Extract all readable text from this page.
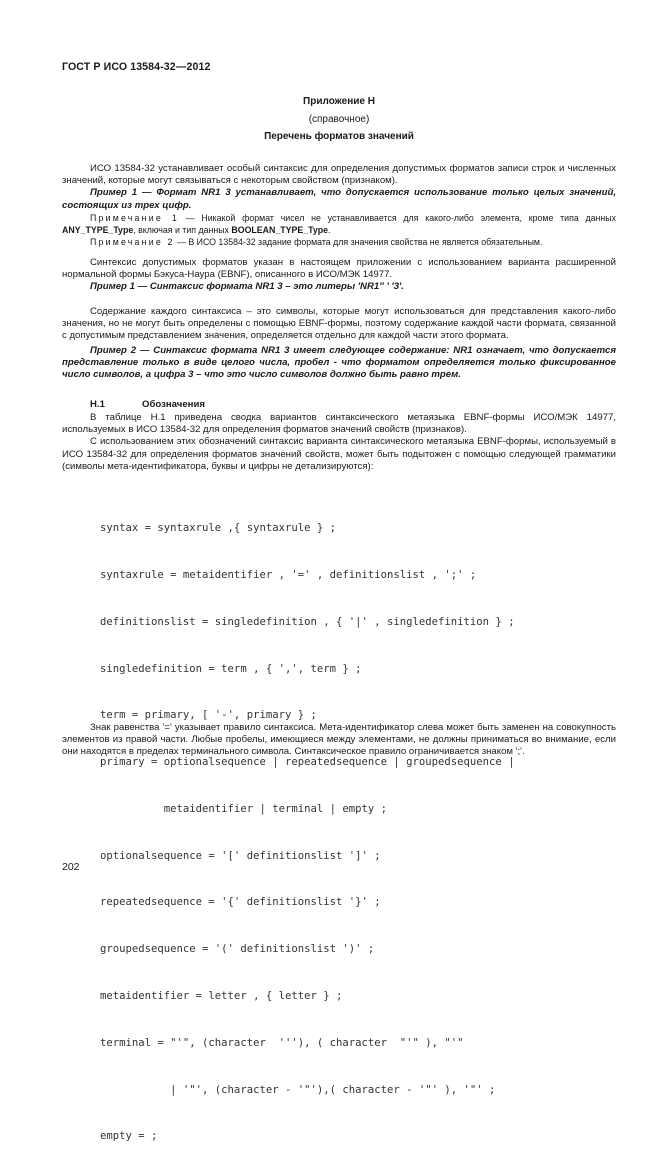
ГОСТ Р ИСО 13584-32—2012
Приложение Н
(справочное)
Перечень форматов значений

ИСО 13584-32 устанавливает особый синтаксис для определения допустимых форматов записи строк и численных значений, которые могут связываться с некоторым свойством (признаком).

Пример 1 — Формат NR1 3 устанавливает, что допускается использование только целых значений, состоящих из трех цифр.

Примечание 1 — Никакой формат чисел не устанавливается для какого-либо элемента, кроме типа данных ANY_TYPE_Type, включая и тип данных BOOLEAN_TYPE_Type.

Примечание 2 — В ИСО 13584-32 задание формата для значения свойства не является обязательным.

Синтексис допустимых форматов указан в настоящем приложении с использованием варианта расширенной нормальной формы Бэкуса-Наура (EBNF), описанного в ИСО/МЭК 14977.

Пример 1 — Синтаксис формата NR1 3 – это литеры 'NR1'' ' '3'.

Содержание каждого синтаксиса – это символы, которые могут использоваться для представления какого-либо значения, но не могут быть определены с помощью EBNF-формы, поэтому содержание каждой части формата, связанной с допустимым представлением значения, определяется отдельно для каждой части этого формата.

Пример 2 — Синтаксис формата NR1 3 имеет следующее содержание: NR1 означает, что допускается представление только в виде целого числа, пробел - что форматом определяется только фиксированное число символов, а цифра 3 – что это число символов должно быть равно трем.

Н.1	Обозначения

В таблице Н.1 приведена сводка вариантов синтаксического метаязыка EBNF-формы ИСО/МЭК 14977, используемых в ИСО 13584-32 для определения форматов значений свойств (признаков).

С использованием этих обозначений синтаксис варианта синтаксического метаязыка EBNF-формы, используемый в ИСО 13584-32 для определения форматов значений свойств, может быть подытожен с помощью следующей грамматики (символы мета-идентификатора, буквы и цифры не детализируются):

syntax = syntaxrule ,{ syntaxrule } ;

syntaxrule = metaidentifier , '=' , definitionslist , ';' ;

definitionslist = singledefinition , { '|' , singledefinition } ;

singledefinition = term , { ',', term } ;

term = primary, [ '-', primary } ;

primary = optionalsequence | repeatedsequence | groupedsequence |

metaidentifier | terminal | empty ;

optionalsequence = '[' definitionslist ']' ;

repeatedsequence = '{' definitionslist '}' ;

groupedsequence = '(' definitionslist ')' ;

metaidentifier = letter , { letter } ;

terminal = "'", (character  '''), ( character  "'" ), "'"

| '"', (character - '"'),( character - '"' ), '"' ;

empty = ;

Знак равенства '=' указывает правило синтаксиса. Мета-идентификатор слева может быть заменен на совокупность элементов из правой части. Любые пробелы, имеющиеся между элементами, не должны приниматься во внимание, если они находятся в пределах терминального символа. Синтаксическое правило ограничивается знаком ';'.

202
